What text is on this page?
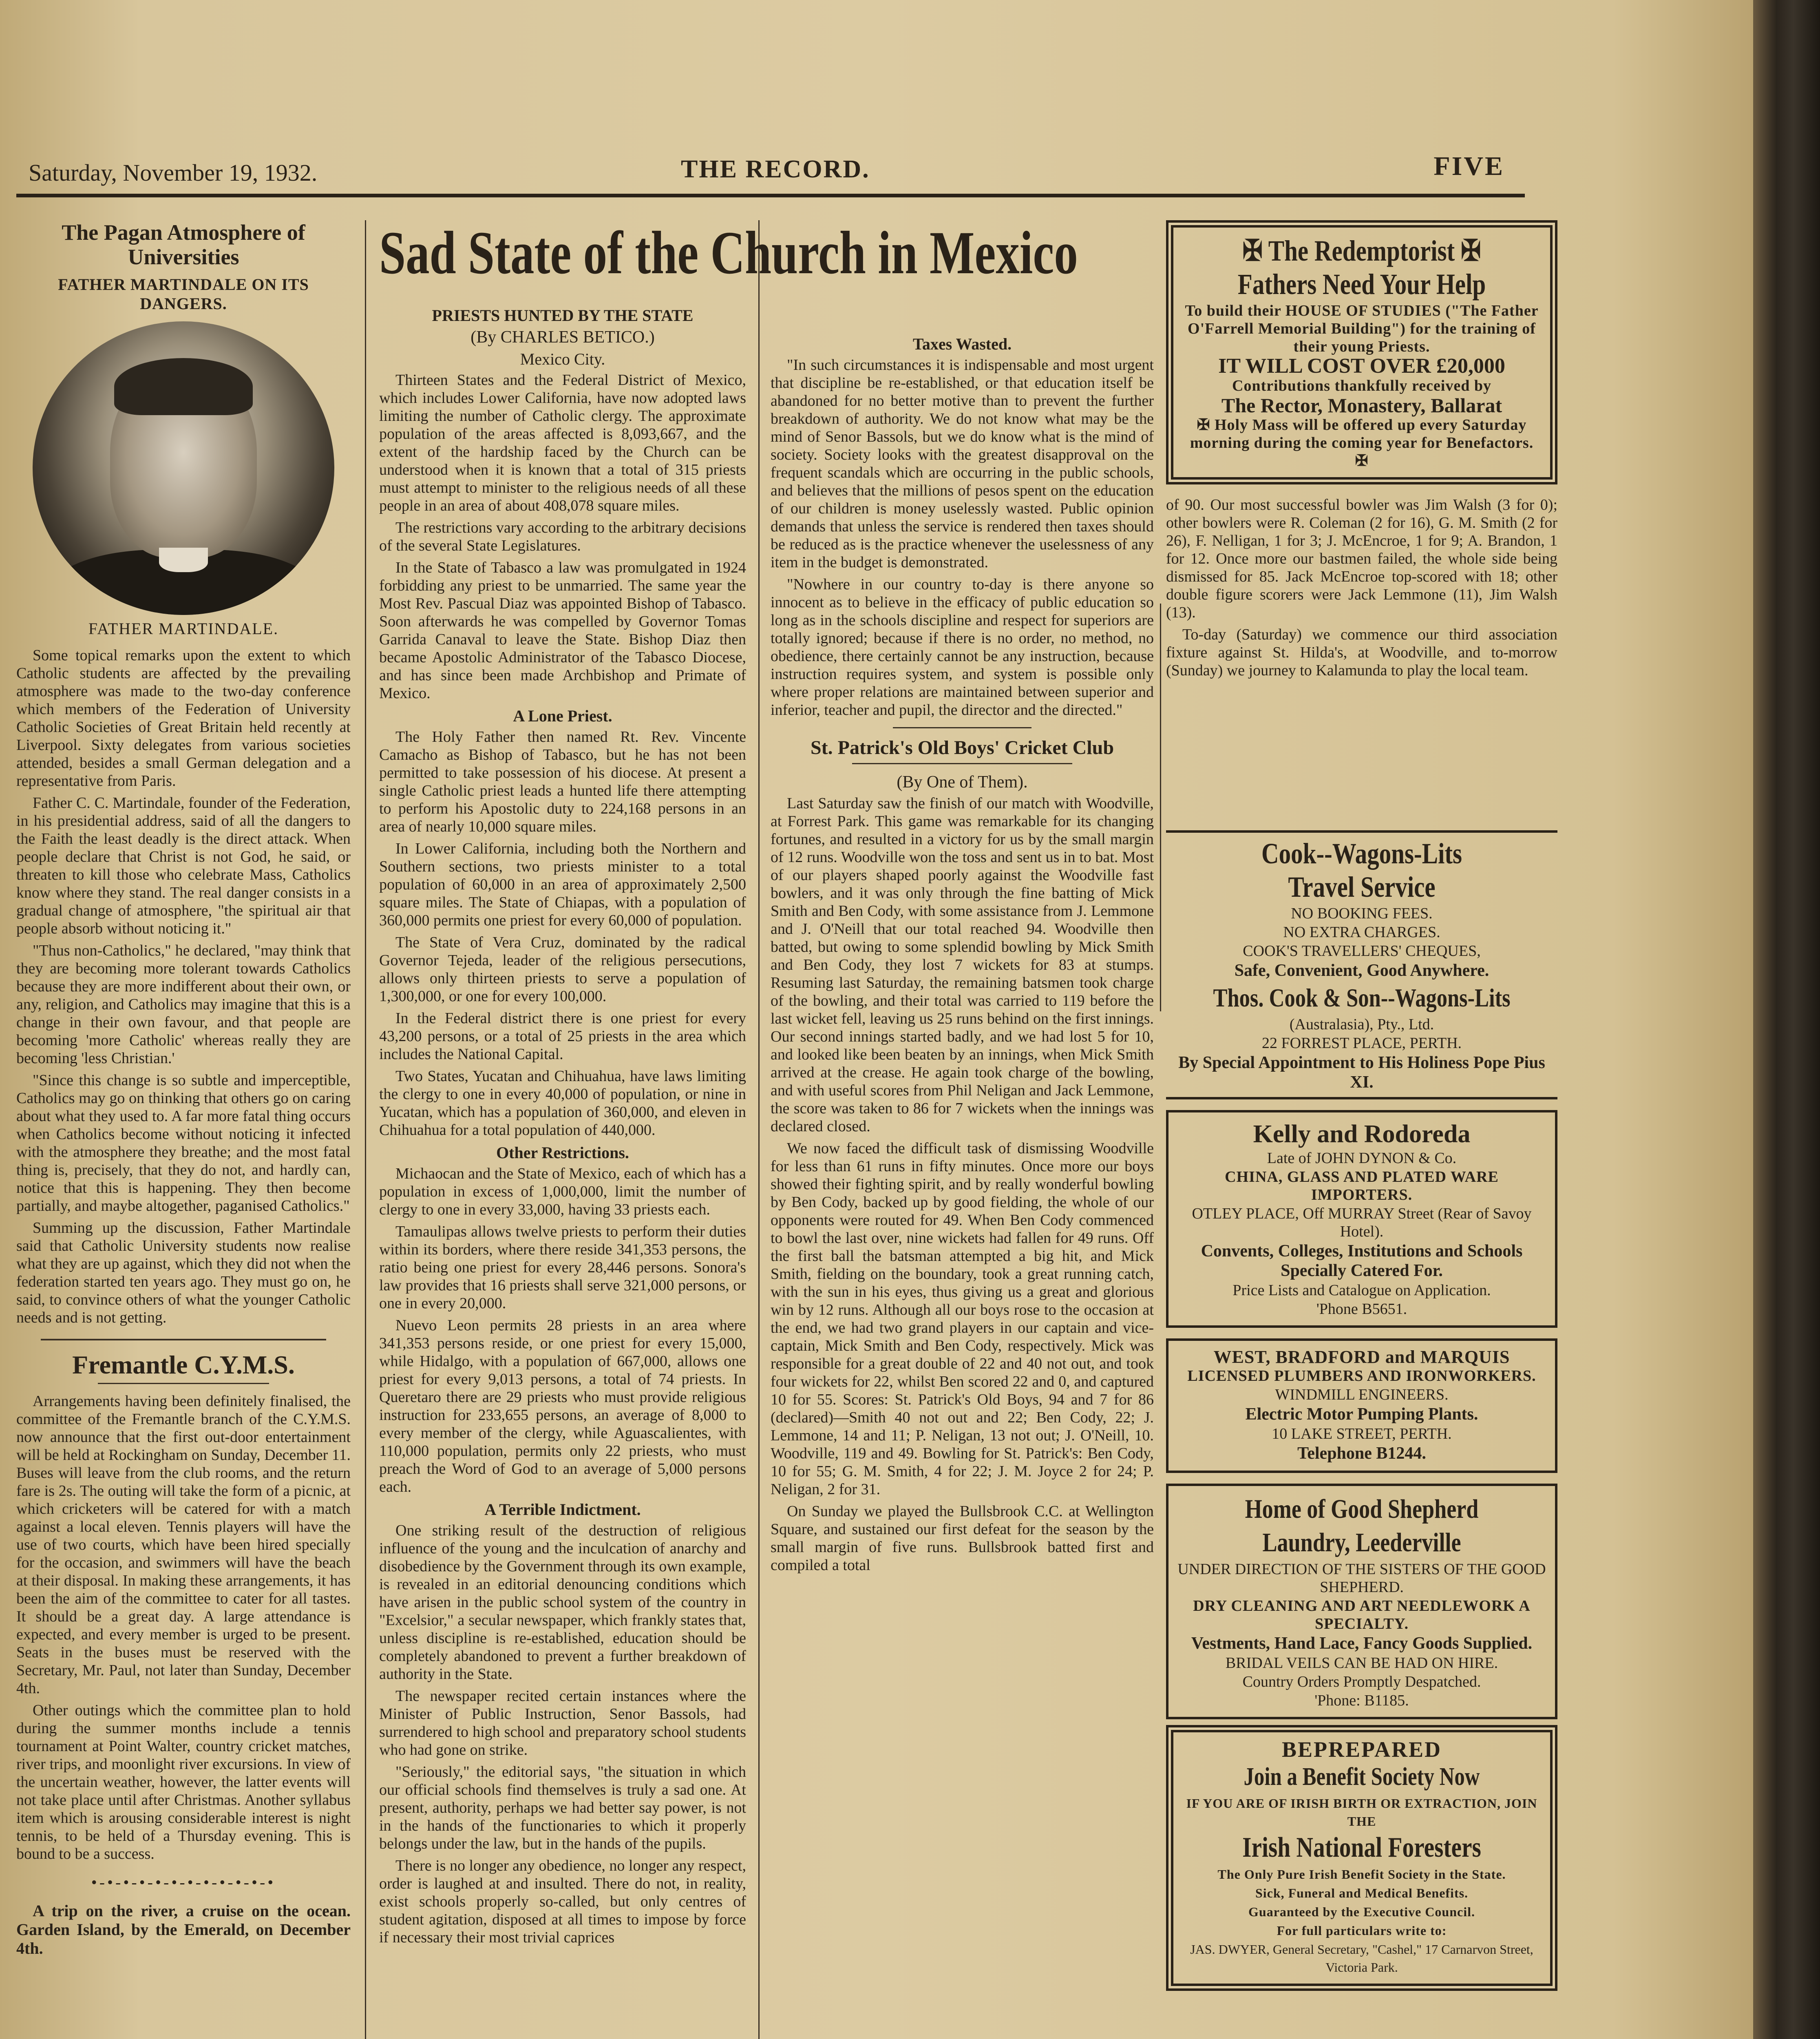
Saturday, November 19, 1932.	THE RECORD.	FIVE
The Pagan Atmosphere of Universities
FATHER MARTINDALE ON ITS DANGERS.
FATHER MARTINDALE.

Some topical remarks upon the extent to which Catholic students are affected by the prevailing atmosphere was made to the two-day conference which members of the Federation of University Catholic Societies of Great Britain held recently at Liverpool. Sixty delegates from various societies attended, besides a small German delegation and a representative from Paris.

Father C. C. Martindale, founder of the Federation, in his presidential address, said of all the dangers to the Faith the least deadly is the direct attack. When people declare that Christ is not God, he said, or threaten to kill those who celebrate Mass, Catholics know where they stand. The real danger consists in a gradual change of atmosphere, "the spiritual air that people absorb without noticing it."

"Thus non-Catholics," he declared, "may think that they are becoming more tolerant towards Catholics because they are more indifferent about their own, or any, religion, and Catholics may imagine that this is a change in their own favour, and that people are becoming 'more Catholic' whereas really they are becoming 'less Christian.'

"Since this change is so subtle and imperceptible, Catholics may go on thinking that others go on caring about what they used to. A far more fatal thing occurs when Catholics become without noticing it infected with the atmosphere they breathe; and the most fatal thing is, precisely, that they do not, and hardly can, notice that this is happening. They then become partially, and maybe altogether, paganised Catholics."

Summing up the discussion, Father Martindale said that Catholic University students now realise what they are up against, which they did not when the federation started ten years ago. They must go on, he said, to convince others of what the younger Catholic needs and is not getting.

Fremantle C.Y.M.S.

Arrangements having been definitely finalised, the committee of the Fremantle branch of the C.Y.M.S. now announce that the first out-door entertainment will be held at Rockingham on Sunday, December 11. Buses will leave from the club rooms, and the return fare is 2s. The outing will take the form of a picnic, at which cricketers will be catered for with a match against a local eleven. Tennis players will have the use of two courts, which have been hired specially for the occasion, and swimmers will have the beach at their disposal. In making these arrangements, it has been the aim of the committee to cater for all tastes. It should be a great day. A large attendance is expected, and every member is urged to be present. Seats in the buses must be reserved with the Secretary, Mr. Paul, not later than Sunday, December 4th.

Other outings which the committee plan to hold during the summer months include a tennis tournament at Point Walter, country cricket matches, river trips, and moonlight river excursions. In view of the uncertain weather, however, the latter events will not take place until after Christmas. Another syllabus item which is arousing considerable interest is night tennis, to be held of a Thursday evening. This is bound to be a success.

•-•-•-•-•-•-•-•-•-•-•-•

A trip on the river, a cruise on the ocean. Garden Island, by the Emerald, on December 4th.

Sad State of the Church in Mexico
PRIESTS HUNTED BY THE STATE
(By CHARLES BETICO.)
Mexico City.

Thirteen States and the Federal District of Mexico, which includes Lower California, have now adopted laws limiting the number of Catholic clergy. The approximate population of the areas affected is 8,093,667, and the extent of the hardship faced by the Church can be understood when it is known that a total of 315 priests must attempt to minister to the religious needs of all these people in an area of about 408,078 square miles.

The restrictions vary according to the arbitrary decisions of the several State Legislatures.

In the State of Tabasco a law was promulgated in 1924 forbidding any priest to be unmarried. The same year the Most Rev. Pascual Diaz was appointed Bishop of Tabasco. Soon afterwards he was compelled by Governor Tomas Garrida Canaval to leave the State. Bishop Diaz then became Apostolic Administrator of the Tabasco Diocese, and has since been made Archbishop and Primate of Mexico.

A Lone Priest.

The Holy Father then named Rt. Rev. Vincente Camacho as Bishop of Tabasco, but he has not been permitted to take possession of his diocese. At present a single Catholic priest leads a hunted life there attempting to perform his Apostolic duty to 224,168 persons in an area of nearly 10,000 square miles.

In Lower California, including both the Northern and Southern sections, two priests minister to a total population of 60,000 in an area of approximately 2,500 square miles. The State of Chiapas, with a population of 360,000 permits one priest for every 60,000 of population.

The State of Vera Cruz, dominated by the radical Governor Tejeda, leader of the religious persecutions, allows only thirteen priests to serve a population of 1,300,000, or one for every 100,000.

In the Federal district there is one priest for every 43,200 persons, or a total of 25 priests in the area which includes the National Capital.

Two States, Yucatan and Chihuahua, have laws limiting the clergy to one in every 40,000 of population, or nine in Yucatan, which has a population of 360,000, and eleven in Chihuahua for a total population of 440,000.

Other Restrictions.

Michaocan and the State of Mexico, each of which has a population in excess of 1,000,000, limit the number of clergy to one in every 33,000, having 33 priests each.

Tamaulipas allows twelve priests to perform their duties within its borders, where there reside 341,353 persons, the ratio being one priest for every 28,446 persons. Sonora's law provides that 16 priests shall serve 321,000 persons, or one in every 20,000.

Nuevo Leon permits 28 priests in an area where 341,353 persons reside, or one priest for every 15,000, while Hidalgo, with a population of 667,000, allows one priest for every 9,013 persons, a total of 74 priests. In Queretaro there are 29 priests who must provide religious instruction for 233,655 persons, an average of 8,000 to every member of the clergy, while Aguascalientes, with 110,000 population, permits only 22 priests, who must preach the Word of God to an average of 5,000 persons each.

A Terrible Indictment.

One striking result of the destruction of religious influence of the young and the inculcation of anarchy and disobedience by the Government through its own example, is revealed in an editorial denouncing conditions which have arisen in the public school system of the country in "Excelsior," a secular newspaper, which frankly states that, unless discipline is re-established, education should be completely abandoned to prevent a further breakdown of authority in the State.

The newspaper recited certain instances where the Minister of Public Instruction, Senor Bassols, had surrendered to high school and preparatory school students who had gone on strike.

"Seriously," the editorial says, "the situation in which our official schools find themselves is truly a sad one. At present, authority, perhaps we had better say power, is not in the hands of the functionaries to which it properly belongs under the law, but in the hands of the pupils.

There is no longer any obedience, no longer any respect, order is laughed at and insulted. There do not, in reality, exist schools properly so-called, but only centres of student agitation, disposed at all times to impose by force if necessary their most trivial caprices

Taxes Wasted.

"In such circumstances it is indispensable and most urgent that discipline be re-established, or that education itself be abandoned for no better motive than to prevent the further breakdown of authority. We do not know what may be the mind of Senor Bassols, but we do know what is the mind of society. Society looks with the greatest disapproval on the frequent scandals which are occurring in the public schools, and believes that the millions of pesos spent on the education of our children is money uselessly wasted. Public opinion demands that unless the service is rendered then taxes should be reduced as is the practice whenever the uselessness of any item in the budget is demonstrated.

"Nowhere in our country to-day is there anyone so innocent as to believe in the efficacy of public education so long as in the schools discipline and respect for superiors are totally ignored; because if there is no order, no method, no obedience, there certainly cannot be any instruction, because instruction requires system, and system is possible only where proper relations are maintained between superior and inferior, teacher and pupil, the director and the directed."

St. Patrick's Old Boys' Cricket Club
(By One of Them).

Last Saturday saw the finish of our match with Woodville, at Forrest Park. This game was remarkable for its changing fortunes, and resulted in a victory for us by the small margin of 12 runs. Woodville won the toss and sent us in to bat. Most of our players shaped poorly against the Woodville fast bowlers, and it was only through the fine batting of Mick Smith and Ben Cody, with some assistance from J. Lemmone and J. O'Neill that our total reached 94. Woodville then batted, but owing to some splendid bowling by Mick Smith and Ben Cody, they lost 7 wickets for 83 at stumps. Resuming last Saturday, the remaining batsmen took charge of the bowling, and their total was carried to 119 before the last wicket fell, leaving us 25 runs behind on the first innings. Our second innings started badly, and we had lost 5 for 10, and looked like been beaten by an innings, when Mick Smith arrived at the crease. He again took charge of the bowling, and with useful scores from Phil Neligan and Jack Lemmone, the score was taken to 86 for 7 wickets when the innings was declared closed.

We now faced the difficult task of dismissing Woodville for less than 61 runs in fifty minutes. Once more our boys showed their fighting spirit, and by really wonderful bowling by Ben Cody, backed up by good fielding, the whole of our opponents were routed for 49. When Ben Cody commenced to bowl the last over, nine wickets had fallen for 49 runs. Off the first ball the batsman attempted a big hit, and Mick Smith, fielding on the boundary, took a great running catch, with the sun in his eyes, thus giving us a great and glorious win by 12 runs. Although all our boys rose to the occasion at the end, we had two grand players in our captain and vice-captain, Mick Smith and Ben Cody, respectively. Mick was responsible for a great double of 22 and 40 not out, and took four wickets for 22, whilst Ben scored 22 and 0, and captured 10 for 55. Scores: St. Patrick's Old Boys, 94 and 7 for 86 (declared)—Smith 40 not out and 22; Ben Cody, 22; J. Lemmone, 14 and 11; P. Neligan, 13 not out; J. O'Neill, 10. Woodville, 119 and 49. Bowling for St. Patrick's: Ben Cody, 10 for 55; G. M. Smith, 4 for 22; J. M. Joyce 2 for 24; P. Neligan, 2 for 31.

On Sunday we played the Bullsbrook C.C. at Wellington Square, and sustained our first defeat for the season by the small margin of five runs. Bullsbrook batted first and compiled a total

✠ The Redemptorist ✠
Fathers Need Your Help
To build their HOUSE OF STUDIES ("The Father O'Farrell Memorial Building") for the training of their young Priests.
IT WILL COST OVER £20,000
Contributions thankfully received by
The Rector, Monastery, Ballarat
✠ Holy Mass will be offered up every Saturday morning during the coming year for Benefactors. ✠

of 90. Our most successful bowler was Jim Walsh (3 for 0); other bowlers were R. Coleman (2 for 16), G. M. Smith (2 for 26), F. Nelligan, 1 for 3; J. McEncroe, 1 for 9; A. Brandon, 1 for 12. Once more our bastmen failed, the whole side being dismissed for 85. Jack McEncroe top-scored with 18; other double figure scorers were Jack Lemmone (11), Jim Walsh (13).

To-day (Saturday) we commence our third association fixture against St. Hilda's, at Woodville, and to-morrow (Sunday) we journey to Kalamunda to play the local team.

Cook--Wagons-Lits
Travel Service
NO BOOKING FEES.
NO EXTRA CHARGES.
COOK'S TRAVELLERS' CHEQUES,
Safe, Convenient, Good Anywhere.
Thos. Cook & Son--Wagons-Lits
(Australasia), Pty., Ltd.
22 FORREST PLACE, PERTH.
By Special Appointment to His Holiness Pope Pius XI.
Kelly and Rodoreda
Late of JOHN DYNON & Co.
CHINA, GLASS AND PLATED WARE IMPORTERS.
OTLEY PLACE, Off MURRAY Street (Rear of Savoy Hotel).
Convents, Colleges, Institutions and Schools Specially Catered For.
Price Lists and Catalogue on Application.
'Phone B5651.
WEST, BRADFORD and MARQUIS
LICENSED PLUMBERS AND IRONWORKERS.
WINDMILL ENGINEERS.
Electric Motor Pumping Plants.
10 LAKE STREET, PERTH.
Telephone B1244.
Home of Good Shepherd
Laundry, Leederville
UNDER DIRECTION OF THE SISTERS OF THE GOOD SHEPHERD.
DRY CLEANING AND ART NEEDLEWORK A SPECIALTY.
Vestments, Hand Lace, Fancy Goods Supplied.
BRIDAL VEILS CAN BE HAD ON HIRE.
Country Orders Promptly Despatched.
'Phone: B1185.
BEPREPARED
Join a Benefit Society Now
IF YOU ARE OF IRISH BIRTH OR EXTRACTION, JOIN THE
Irish National Foresters
The Only Pure Irish Benefit Society in the State.
Sick, Funeral and Medical Benefits.
Guaranteed by the Executive Council.
For full particulars write to:
JAS. DWYER, General Secretary, "Cashel," 17 Carnarvon Street, Victoria Park.
